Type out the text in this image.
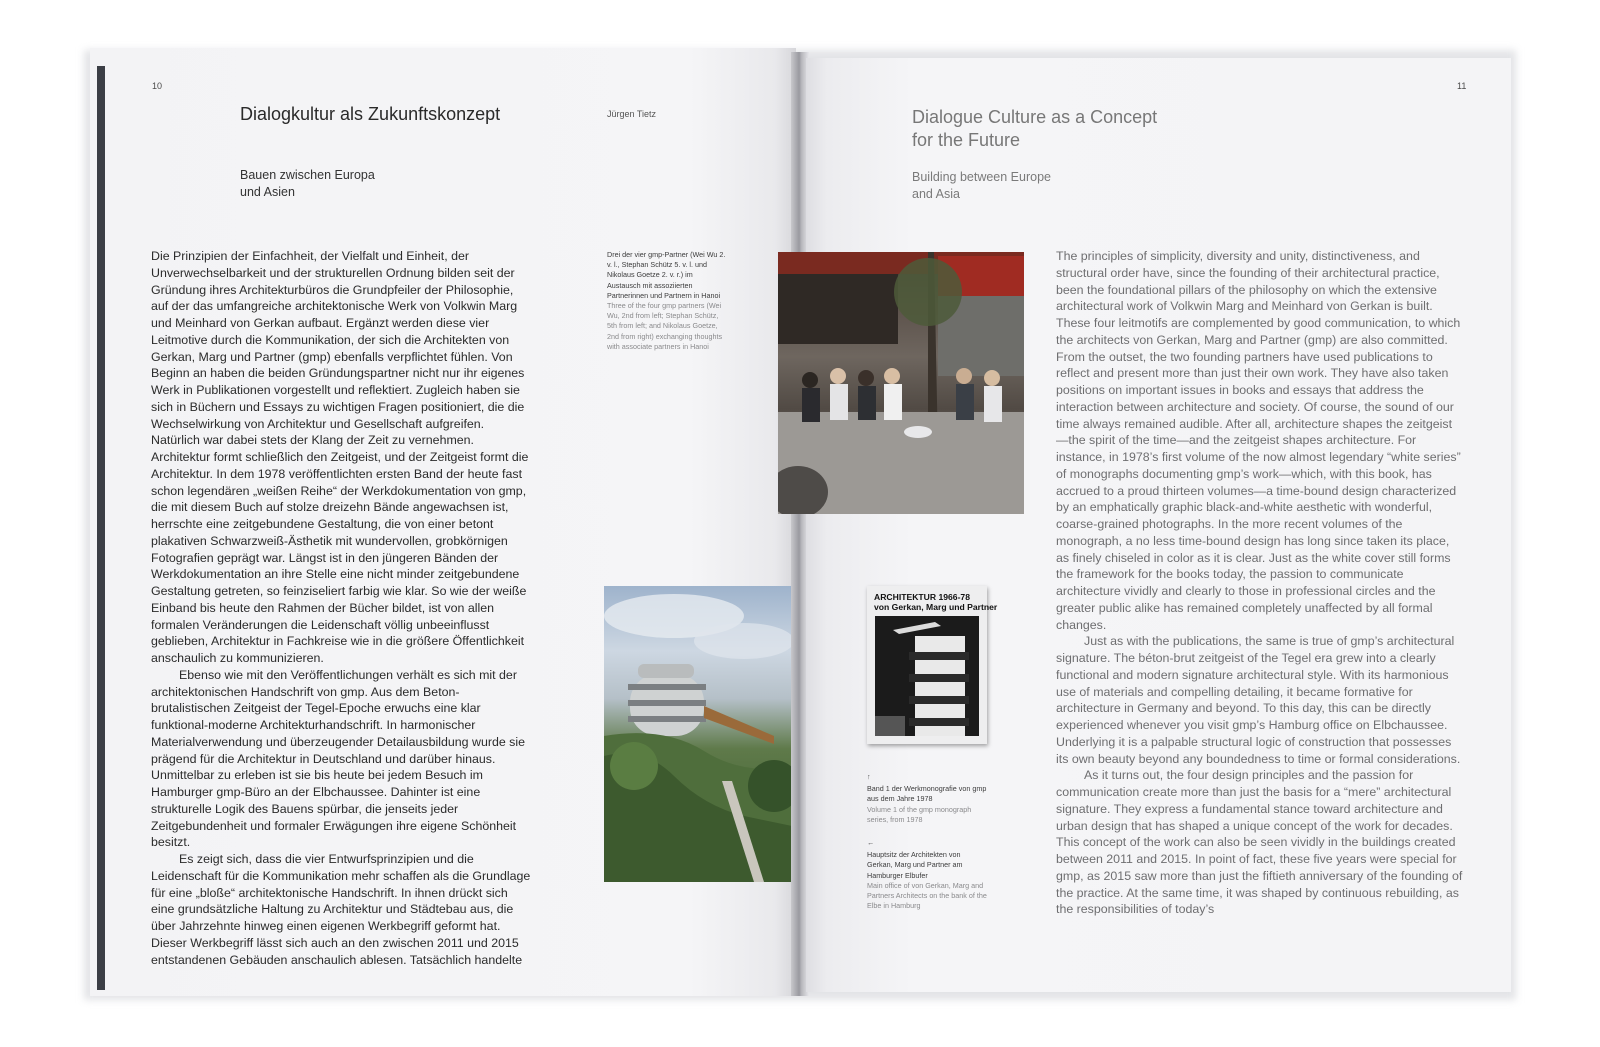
10
Dialogkultur als Zukunftskonzept	Jürgen Tietz
Bauen zwischen Europa
und Asien

Die Prinzipien der Einfachheit, der Vielfalt und Einheit, der Unverwechselbarkeit und der strukturellen Ordnung bilden seit der Gründung ihres Architekturbüros die Grundpfeiler der Philosophie, auf der das umfangreiche architektonische Werk von Volkwin Marg und Meinhard von Gerkan aufbaut. Ergänzt werden diese vier Leitmotive durch die Kommunikation, der sich die Architekten von Gerkan, Marg und Partner (gmp) ebenfalls verpflichtet fühlen. Von Beginn an haben die beiden Gründungspartner nicht nur ihr eigenes Werk in Publikationen vorgestellt und reflektiert. Zugleich haben sie sich in Büchern und Essays zu wichtigen Fragen positioniert, die die Wechselwirkung von Architektur und Gesellschaft aufgreifen. Natürlich war dabei stets der Klang der Zeit zu vernehmen. Architektur formt schließlich den Zeitgeist, und der Zeitgeist formt die Architektur. In dem 1978 veröffentlichten ersten Band der heute fast schon legendären „weißen Reihe“ der Werkdokumentation von gmp, die mit diesem Buch auf stolze dreizehn Bände angewachsen ist, herrschte eine zeitgebundene Gestaltung, die von einer betont plakativen Schwarzweiß-Ästhetik mit wundervollen, grobkörnigen Fotografien geprägt war. Längst ist in den jüngeren Bänden der Werkdokumentation an ihre Stelle eine nicht minder zeitgebundene Gestaltung getreten, so feinziseliert farbig wie klar. So wie der weiße Einband bis heute den Rahmen der Bücher bildet, ist von allen formalen Veränderungen die Leidenschaft völlig unbeeinflusst geblieben, Architektur in Fachkreise wie in die größere Öffentlichkeit anschaulich zu kommunizieren.

Ebenso wie mit den Veröffentlichungen verhält es sich mit der architektonischen Handschrift von gmp. Aus dem Beton-brutalistischen Zeitgeist der Tegel-Epoche erwuchs eine klar funktional-moderne Architekturhandschrift. In harmonischer Materialverwendung und überzeugender Detailausbildung wurde sie prägend für die Architektur in Deutschland und darüber hinaus. Unmittelbar zu erleben ist sie bis heute bei jedem Besuch im Hamburger gmp-Büro an der Elbchaussee. Dahinter ist eine strukturelle Logik des Bauens spürbar, die jenseits jeder Zeitgebundenheit und formaler Erwägungen ihre eigene Schönheit besitzt.

Es zeigt sich, dass die vier Entwurfsprinzipien und die Leidenschaft für die Kommunikation mehr schaffen als die Grundlage für eine „bloße“ architektonische Handschrift. In ihnen drückt sich eine grundsätzliche Haltung zu Architektur und Städtebau aus, die über Jahrzehnte hinweg einen eigenen Werkbegriff geformt hat. Dieser Werkbegriff lässt sich auch an den zwischen 2011 und 2015 entstandenen Gebäuden anschaulich ablesen. Tatsächlich handelte

Drei der vier gmp-Partner (Wei Wu 2. v. l., Stephan Schütz 5. v. l. und Nikolaus Goetze 2. v. r.) im Austausch mit assoziierten Partnerinnen und Partnern in Hanoi
Three of the four gmp partners (Wei Wu, 2nd from left; Stephan Schütz, 5th from left; and Nikolaus Goetze, 2nd from right) exchanging thoughts with associate partners in Hanoi
11
Dialogue Culture as a Concept
for the Future
Building between Europe
and Asia

The principles of simplicity, diversity and unity, distinctiveness, and structural order have, since the founding of their architectural practice, been the foundational pillars of the philosophy on which the extensive architectural work of Volkwin Marg and Meinhard von Gerkan is built. These four leitmotifs are complemented by good communication, to which the architects von Gerkan, Marg and Partner (gmp) are also committed. From the outset, the two founding partners have used publications to reflect and present more than just their own work. They have also taken positions on important issues in books and essays that address the interaction between architecture and society. Of course, the sound of our time always remained audible. After all, architecture shapes the zeitgeist—the spirit of the time—and the zeitgeist shapes architecture. For instance, in 1978’s first volume of the now almost legendary “white series” of monographs documenting gmp’s work—which, with this book, has accrued to a proud thirteen volumes—a time-bound design characterized by an emphatically graphic black-and-white aesthetic with wonderful, coarse-grained photographs. In the more recent volumes of the monograph, a no less time-bound design has long since taken its place, as finely chiseled in color as it is clear. Just as the white cover still forms the framework for the books today, the passion to communicate architecture vividly and clearly to those in professional circles and the greater public alike has remained completely unaffected by all formal changes.

Just as with the publications, the same is true of gmp’s architectural signature. The béton-brut zeitgeist of the Tegel era grew into a clearly functional and modern signature architectural style. With its harmonious use of materials and compelling detailing, it became formative for architecture in Germany and beyond. To this day, this can be directly experienced whenever you visit gmp’s Hamburg office on Elbchaussee. Underlying it is a palpable structural logic of construction that possesses its own beauty beyond any boundedness to time or formal considerations.

As it turns out, the four design principles and the passion for communication create more than just the basis for a “mere” architectural signature. They express a fundamental stance toward architecture and urban design that has shaped a unique concept of the work for decades. This concept of the work can also be seen vividly in the buildings created between 2011 and 2015. In point of fact, these five years were special for gmp, as 2015 saw more than just the fiftieth anniversary of the founding of the practice. At the same time, it was shaped by continuous rebuilding, as the responsibilities of today’s

ARCHITEKTUR 1966-78
von Gerkan, Marg und Partner
↑
Band 1 der Werkmonografie von gmp aus dem Jahre 1978
Volume 1 of the gmp monograph series, from 1978
←
Hauptsitz der Architekten von Gerkan, Marg und Partner am Hamburger Elbufer
Main office of von Gerkan, Marg and Partners Architects on the bank of the Elbe in Hamburg
